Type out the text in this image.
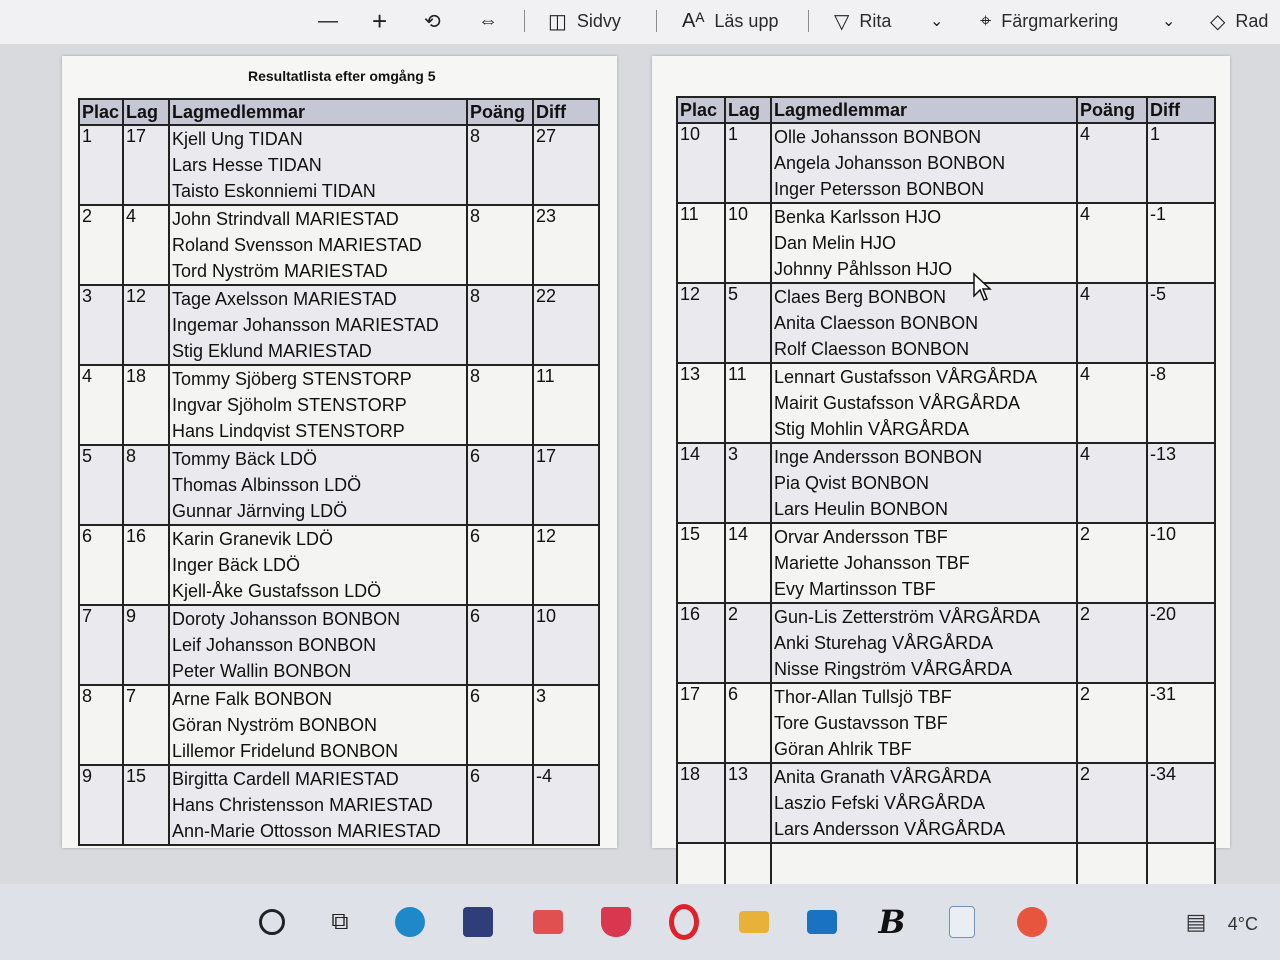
— + ⟲ ⇔	◫ Sidvy	Aᴬ Läs upp	▽ Rita ⌄ ⌖ Färgmarkering	⌄ ◇ Rad
Resultatlista efter omgång 5
Plac	Lag	Lagmedlemmar	Poäng	Diff
1	17	Kjell Ung TIDAN
Lars Hesse TIDAN
Taisto Eskonniemi TIDAN	8	27
2	4	John Strindvall MARIESTAD
Roland Svensson MARIESTAD
Tord Nyström MARIESTAD	8	23
3	12	Tage Axelsson MARIESTAD
Ingemar Johansson MARIESTAD
Stig Eklund MARIESTAD	8	22
4	18	Tommy Sjöberg STENSTORP
Ingvar Sjöholm STENSTORP
Hans Lindqvist STENSTORP	8	11
5	8	Tommy Bäck LDÖ
Thomas Albinsson LDÖ
Gunnar Järnving LDÖ	6	17
6	16	Karin Granevik LDÖ
Inger Bäck LDÖ
Kjell-Åke Gustafsson LDÖ	6	12
7	9	Doroty Johansson BONBON
Leif Johansson BONBON
Peter Wallin BONBON	6	10
8	7	Arne Falk BONBON
Göran Nyström BONBON
Lillemor Fridelund BONBON	6	3
9	15	Birgitta Cardell MARIESTAD
Hans Christensson MARIESTAD
Ann-Marie Ottosson MARIESTAD	6	-4
Plac	Lag	Lagmedlemmar	Poäng	Diff
10	1	Olle Johansson BONBON
Angela Johansson BONBON
Inger Petersson BONBON	4	1
11	10	Benka Karlsson HJO
Dan Melin HJO
Johnny Påhlsson HJO	4	-1
12	5	Claes Berg BONBON
Anita Claesson BONBON
Rolf Claesson BONBON	4	-5
13	11	Lennart Gustafsson VÅRGÅRDA
Mairit Gustafsson VÅRGÅRDA
Stig Mohlin VÅRGÅRDA	4	-8
14	3	Inge Andersson BONBON
Pia Qvist BONBON
Lars Heulin BONBON	4	-13
15	14	Orvar Andersson TBF
Mariette Johansson TBF
Evy Martinsson TBF	2	-10
16	2	Gun-Lis Zetterström VÅRGÅRDA
Anki Sturehag VÅRGÅRDA
Nisse Ringström VÅRGÅRDA	2	-20
17	6	Thor-Allan Tullsjö TBF
Tore Gustavsson TBF
Göran Ahlrik TBF	2	-31
18	13	Anita Granath VÅRGÅRDA
Laszio Fefski VÅRGÅRDA
Lars Andersson VÅRGÅRDA	2	-34

⧉	B	▤ 4°C
